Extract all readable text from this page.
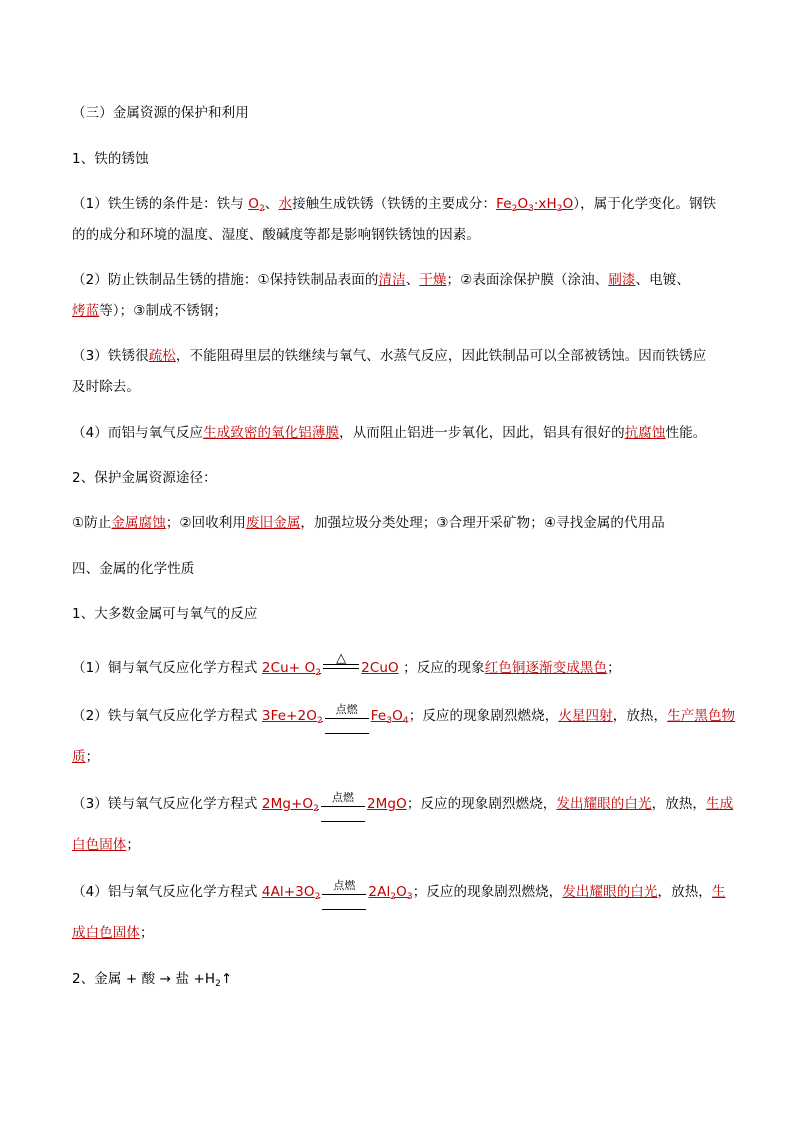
（三）金属资源的保护和利用
1、铁的锈蚀
（1）铁生锈的条件是：铁与 $O_2$、水接触生成铁锈（铁锈的主要成分：$Fe_2O_3\cdot xH_2O$），属于化学变化。钢铁
的的成分和环境的温度、湿度、酸碱度等都是影响钢铁锈蚀的因素。
（2）防止铁制品生锈的措施：①保持铁制品表面的清洁、干燥；②表面涂保护膜（涂油、刷漆、电镀、
烤蓝等）；③制成不锈钢；
（3）铁锈很疏松，不能阻碍里层的铁继续与氧气、水蒸气反应，因此铁制品可以全部被锈蚀。因而铁锈应
及时除去。
（4）而铝与氧气反应生成致密的氧化铝薄膜，从而阻止铝进一步氧化，因此，铝具有很好的抗腐蚀性能。
2、保护金属资源途径：
①防止金属腐蚀；②回收利用废旧金属，加强垃圾分类处理；③合理开采矿物；④寻找金属的代用品
四、金属的化学性质
1、大多数金属可与氧气的反应
（1）铜与氧气反应化学方程式 $2Cu+ O_2$
△
2CuO ；反应的现象红色铜逐渐变成黑色；
（2）铁与氧气反应化学方程式 $3Fe+2O_2$
点燃 $Fe_3O_4$；反应的现象剧烈燃烧，火星四射，放热，生产黑色物
质；
（3）镁与氧气反应化学方程式 $2Mg+O_2$
点燃 2MgO；反应的现象剧烈燃烧，发出耀眼的白光，放热，生成
白色固体；
（4）铝与氧气反应化学方程式 $4Al+3O_2$
点燃 $2Al_2O_3$；反应的现象剧烈燃烧，发出耀眼的白光，放热，生
成白色固体；
2、金属 + 酸 → 盐 $+H_2↑$
